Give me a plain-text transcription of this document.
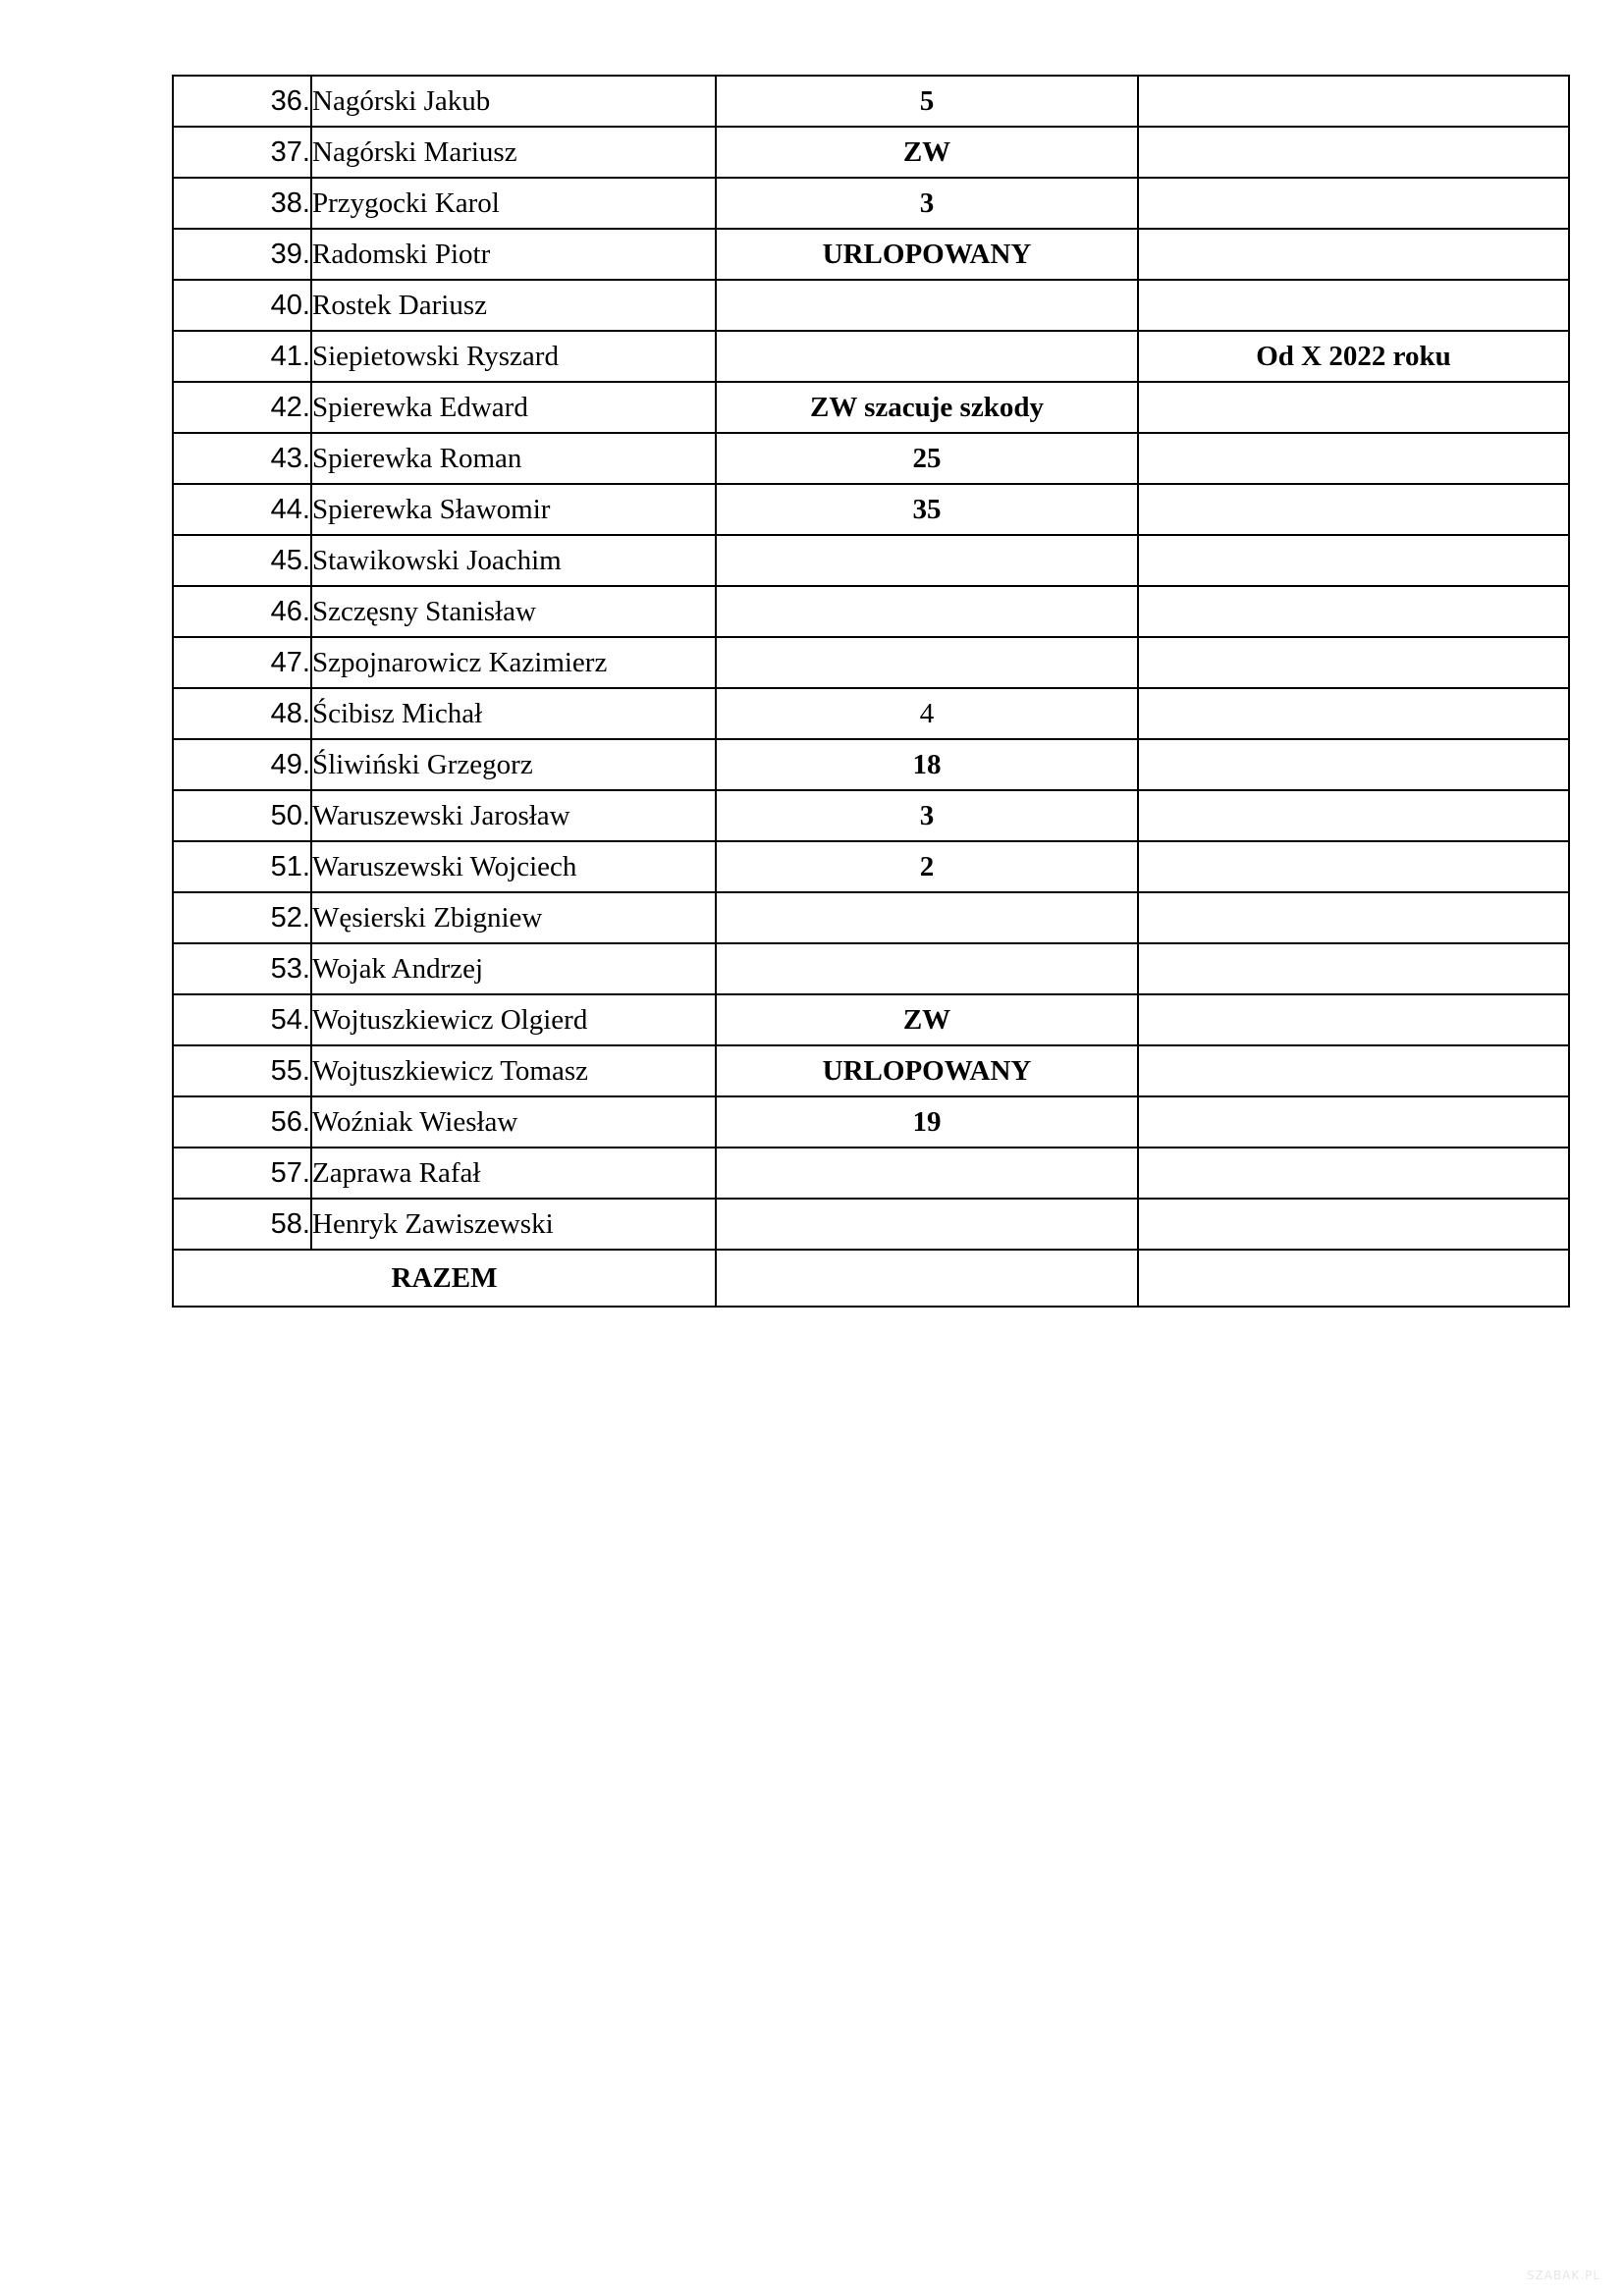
36.	Nagórski Jakub	5	
37.	Nagórski Mariusz	ZW	
38.	Przygocki Karol	3	
39.	Radomski Piotr	URLOPOWANY	
40.	Rostek Dariusz		
41.	Siepietowski Ryszard		Od X 2022 roku
42.	Spierewka Edward	ZW szacuje szkody	
43.	Spierewka Roman	25	
44.	Spierewka Sławomir	35	
45.	Stawikowski Joachim		
46.	Szczęsny Stanisław		
47.	Szpojnarowicz Kazimierz		
48.	Ścibisz Michał	4	
49.	Śliwiński Grzegorz	18	
50.	Waruszewski Jarosław	3	
51.	Waruszewski Wojciech	2	
52.	Węsierski Zbigniew		
53.	Wojak Andrzej		
54.	Wojtuszkiewicz Olgierd	ZW	
55.	Wojtuszkiewicz Tomasz	URLOPOWANY	
56.	Woźniak Wiesław	19	
57.	Zaprawa Rafał		
58.	Henryk Zawiszewski		
RAZEM			
SZABAK.PL
